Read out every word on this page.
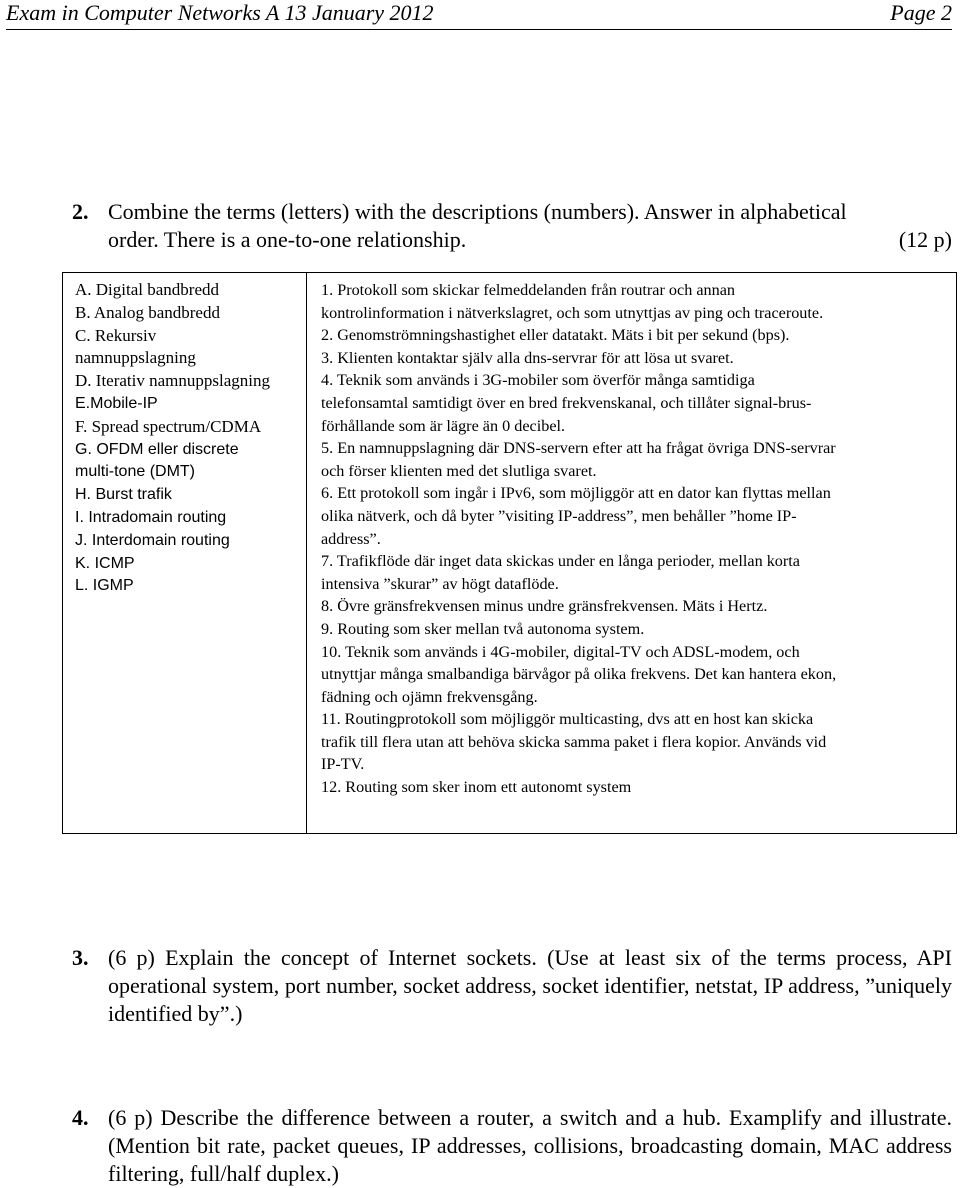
Exam in Computer Networks A 13 January 2012	Page 2
2. Combine the terms (letters) with the descriptions (numbers). Answer in alphabetical
order. There is a one-to-one relationship.	(12 p)
A. Digital bandbredd
B. Analog bandbredd
C. Rekursiv
namnuppslagning
D. Iterativ namnuppslagning
E.Mobile-IP
F. Spread spectrum/CDMA
G. OFDM eller discrete
multi-tone (DMT)
H. Burst trafik
I. Intradomain routing
J. Interdomain routing
K. ICMP
L. IGMP
1. Protokoll som skickar felmeddelanden från routrar och annan
kontrolinformation i nätverkslagret, och som utnyttjas av ping och traceroute.
2. Genomströmningshastighet eller datatakt. Mäts i bit per sekund (bps).
3. Klienten kontaktar själv alla dns-servrar för att lösa ut svaret.
4. Teknik som används i 3G-mobiler som överför många samtidiga
telefonsamtal samtidigt över en bred frekvenskanal, och tillåter signal-brus-
förhållande som är lägre än 0 decibel.
5. En namnuppslagning där DNS-servern efter att ha frågat övriga DNS-servrar
och förser klienten med det slutliga svaret.
6. Ett protokoll som ingår i IPv6, som möjliggör att en dator kan flyttas mellan
olika nätverk, och då byter ”visiting IP-address”, men behåller ”home IP-
address”.
7. Trafikflöde där inget data skickas under en långa perioder, mellan korta
intensiva ”skurar” av högt dataflöde.
8. Övre gränsfrekvensen minus undre gränsfrekvensen. Mäts i Hertz.
9. Routing som sker mellan två autonoma system.
10. Teknik som används i 4G-mobiler, digital-TV och ADSL-modem, och
utnyttjar många smalbandiga bärvågor på olika frekvens. Det kan hantera ekon,
fädning och ojämn frekvensgång.
11. Routingprotokoll som möjliggör multicasting, dvs att en host kan skicka
trafik till flera utan att behöva skicka samma paket i flera kopior. Används vid
IP-TV.
12. Routing som sker inom ett autonomt system
3. (6 p) Explain the concept of Internet sockets. (Use at least six of the terms process, API operational system, port number, socket address, socket identifier, netstat, IP address, ”uniquely identified by”.)
4. (6 p) Describe the difference between a router, a switch and a hub. Examplify and illustrate. (Mention bit rate, packet queues, IP addresses, collisions, broadcasting domain, MAC address filtering, full/half duplex.)
